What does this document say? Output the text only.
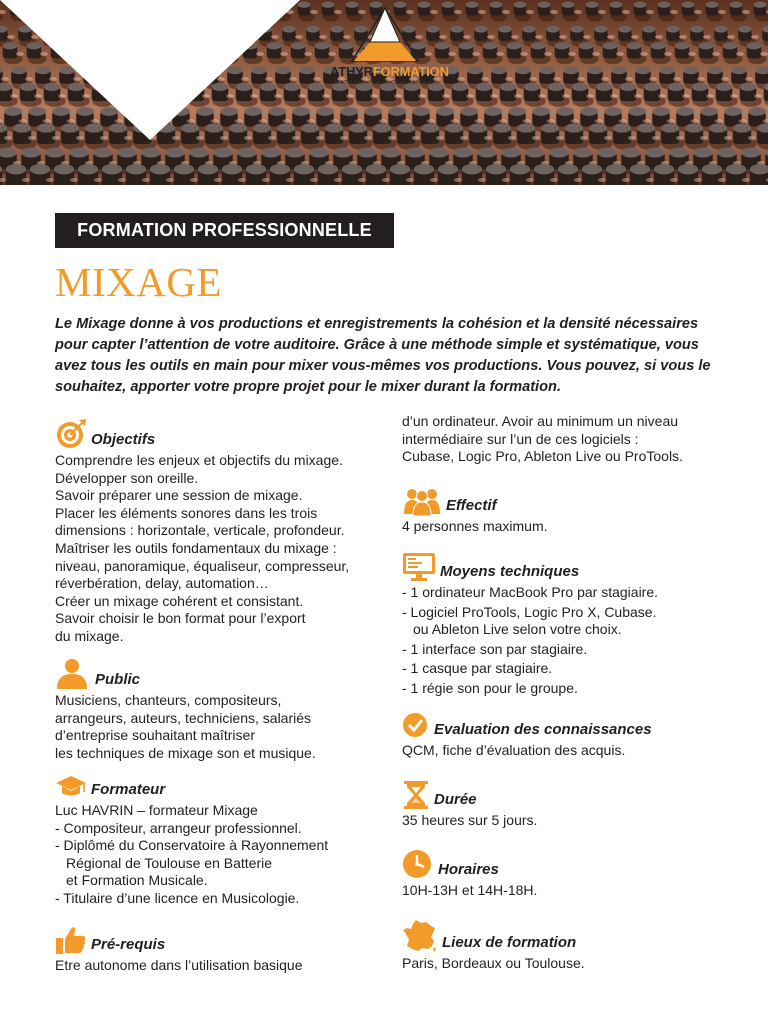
ATHYRFORMATION
MAO & Techniques de Création Musicale
FORMATION PROFESSIONNELLE
MIXAGE
Le Mixage donne à vos productions et enregistrements la cohésion et la densité nécessaires pour capter l’attention de votre auditoire. Grâce à une méthode simple et systématique, vous avez tous les outils en main pour mixer vous-mêmes vos productions. Vous pouvez, si vous le souhaitez, apporter votre propre projet pour le mixer durant la formation.
Objectifs
Comprendre les enjeux et objectifs du mixage.
Développer son oreille.
Savoir préparer une session de mixage.
Placer les éléments sonores dans les trois
dimensions : horizontale, verticale, profondeur.
Maîtriser les outils fondamentaux du mixage :
niveau, panoramique, équaliseur, compresseur,
réverbération, delay, automation…
Créer un mixage cohérent et consistant.
Savoir choisir le bon format pour l’export
du mixage.
Public
Musiciens, chanteurs, compositeurs,
arrangeurs, auteurs, techniciens, salariés
d’entreprise souhaitant maîtriser
les techniques de mixage son et musique.
Formateur
Luc HAVRIN – formateur Mixage
- Compositeur, arrangeur professionnel.
- Diplômé du Conservatoire à Rayonnement
Régional de Toulouse en Batterie
et Formation Musicale.
- Titulaire d’une licence en Musicologie.
Pré-requis
Etre autonome dans l’utilisation basique
d’un ordinateur. Avoir au minimum un niveau
intermédiaire sur l’un de ces logiciels :
Cubase, Logic Pro, Ableton Live ou ProTools.
Effectif
4 personnes maximum.
Moyens techniques
- 1 ordinateur MacBook Pro par stagiaire.
- Logiciel ProTools, Logic Pro X, Cubase.
ou Ableton Live selon votre choix.
- 1 interface son par stagiaire.
- 1 casque par stagiaire.
- 1 régie son pour le groupe.
Evaluation des connaissances
QCM, fiche d’évaluation des acquis.
Durée
35 heures sur 5 jours.
Horaires
10H-13H et 14H-18H.
Lieux de formation
Paris, Bordeaux ou Toulouse.
